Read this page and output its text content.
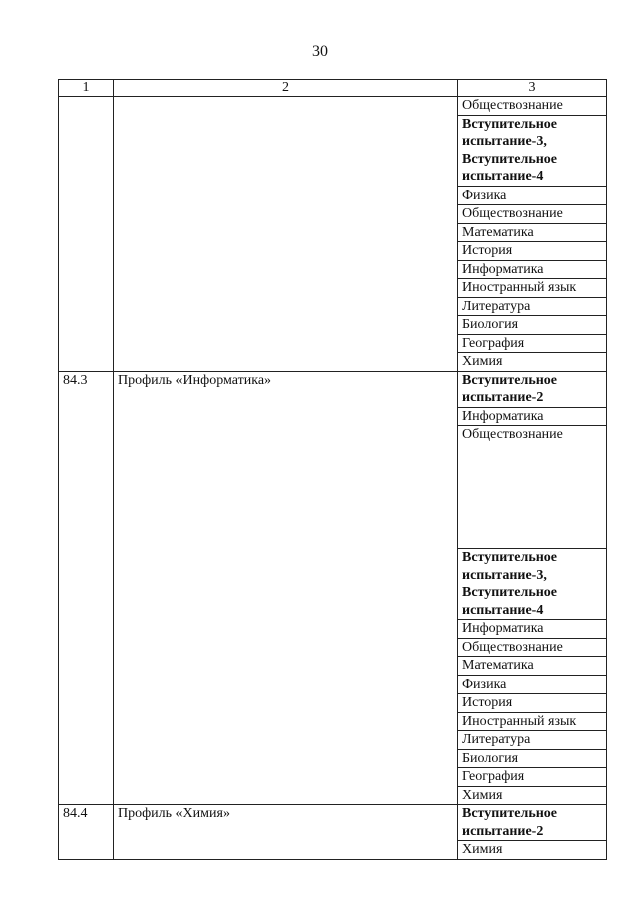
30
1	2	3
		Обществознание
		Вступительное испытание-3, Вступительное испытание-4
		Физика
		Обществознание
		Математика
		История
		Информатика
		Иностранный язык
		Литература
		Биология
		География
		Химия
84.3	Профиль «Информатика»	Вступительное испытание-2
		Информатика
		Обществознание
		Вступительное испытание-3, Вступительное испытание-4
		Информатика
		Обществознание
		Математика
		Физика
		История
		Иностранный язык
		Литература
		Биология
		География
		Химия
84.4	Профиль «Химия»	Вступительное испытание-2
		Химия
